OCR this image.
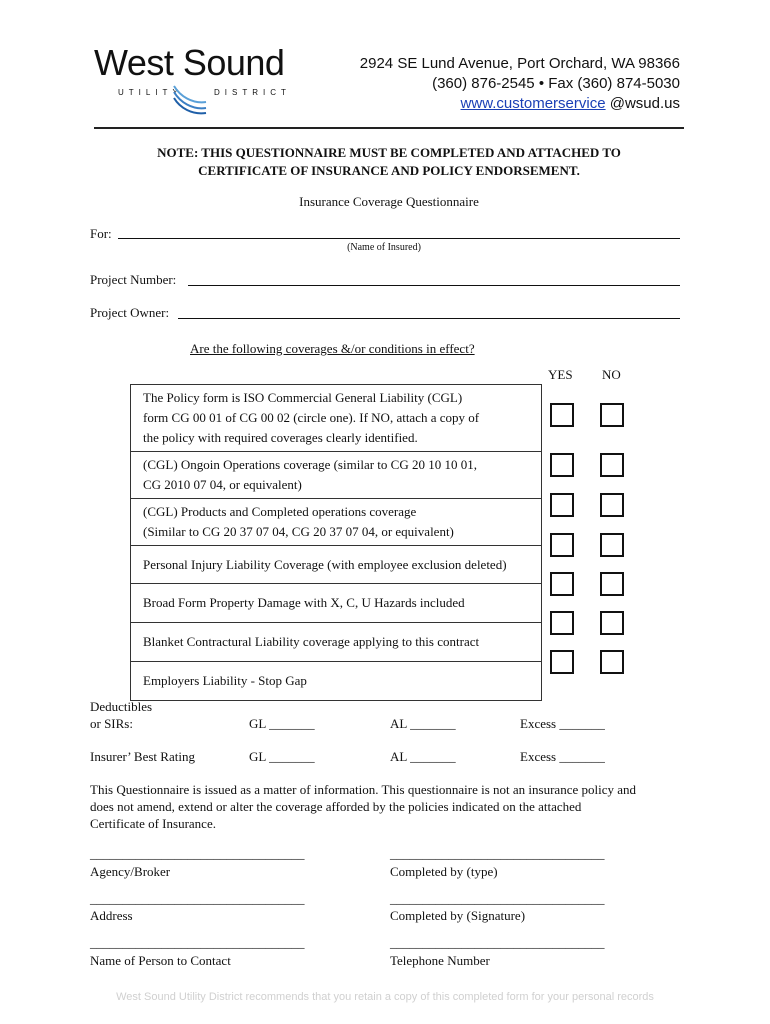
West Sound
UTILITY	DISTRICT
2924 SE Lund Avenue, Port Orchard, WA 98366
(360) 876-2545 • Fax (360) 874-5030
www.customerservice @wsud.us
NOTE: THIS QUESTIONNAIRE MUST BE COMPLETED AND ATTACHED TO
CERTIFICATE OF INSURANCE AND POLICY ENDORSEMENT.
Insurance Coverage Questionnaire
For:
(Name of Insured)
Project Number:
Project Owner:
Are the following coverages &/or conditions in effect?
YES NO
The Policy form is ISO Commercial General Liability (CGL)
form CG 00 01 of CG 00 02 (circle one). If NO, attach a copy of
the policy with required coverages clearly identified.
(CGL) Ongoin Operations coverage (similar to CG 20 10 10 01,
CG 2010 07 04, or equivalent)
(CGL) Products and Completed operations coverage
(Similar to CG 20 37 07 04, CG 20 37 07 04, or equivalent)
Personal Injury Liability Coverage (with employee exclusion deleted)
Broad Form Property Damage with X, C, U Hazards included
Blanket Contractural Liability coverage applying to this contract
Employers Liability - Stop Gap
Deductibles
or SIRs:	GL _______	AL _______	Excess _______
Insurer’ Best Rating	GL _______	AL _______	Excess _______
This Questionnaire is issued as a matter of information. This questionnaire is not an insurance policy and
does not amend, extend or alter the coverage afforded by the policies indicated on the attached
Certificate of Insurance.
_________________________________	_________________________________
Agency/Broker	Completed by (type)
_________________________________	_________________________________
Address	Completed by (Signature)
_________________________________	_________________________________
Name of Person to Contact	Telephone Number
West Sound Utility District recommends that you retain a copy of this completed form for your personal records
